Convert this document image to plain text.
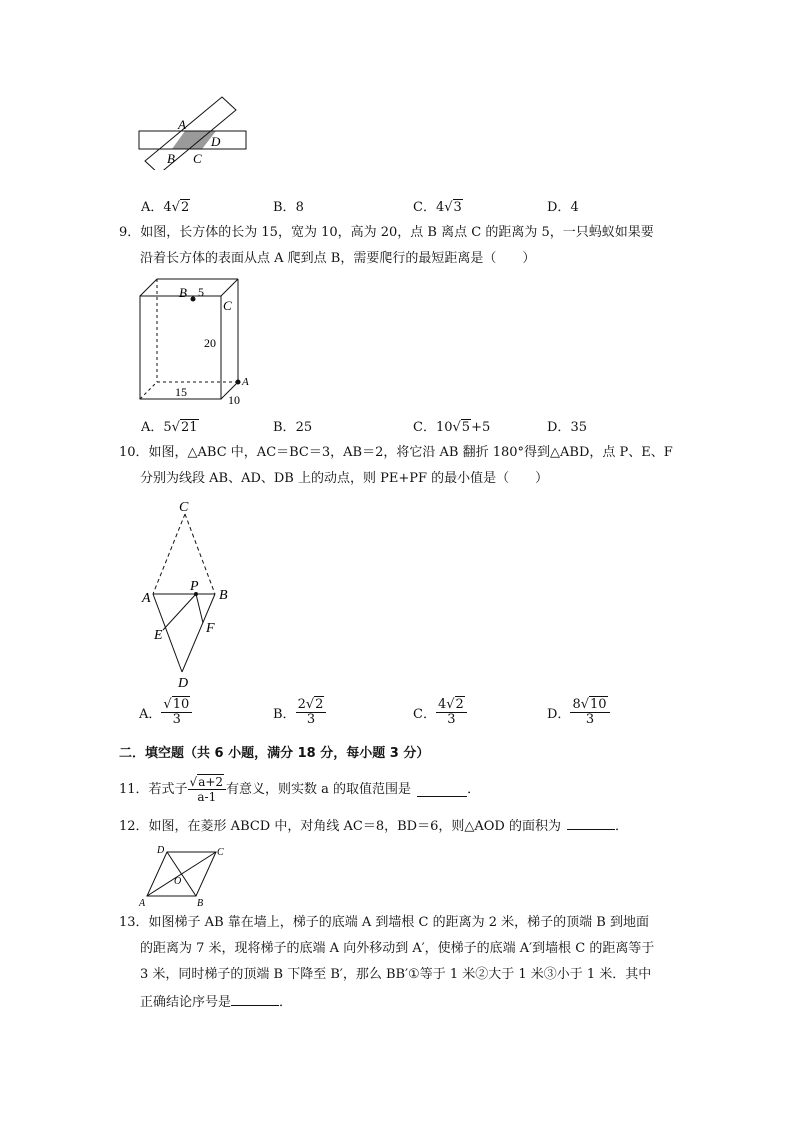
A
D
B C
A．4√2	B．8	C．4√3	D．4
9．如图，长方体的长为 15，宽为 10，高为 20，点 B 离点 C 的距离为 5，一只蚂蚁如果要
沿着长方体的表面从点 A 爬到点 B，需要爬行的最短距离是（　　）
B 5
C
20
A
15
10
A．5√21	B．25	C．10√5+5	D．35
10．如图，△ABC 中，AC＝BC＝3，AB＝2，将它沿 AB 翻折 180°得到△ABD，点 P、E、F
分别为线段 AB、AD、DB 上的动点，则 PE+PF 的最小值是（　　）
C
A
P
B
E	F
D
A． $\frac{√10}{3}$	B． $\frac{2√2}{3}$	C． $\frac{4√2}{3}$	D． $\frac{8√10}{3}$
二．填空题（共 6 小题，满分 18 分，每小题 3 分）
11．若式子 $\frac{√a+2}{a-1}$ 有意义，则实数 a 的取值范围是	．
12．如图，在菱形 ABCD 中，对角线 AC＝8，BD＝6，则△AOD 的面积为	．
D	C
O
A	B
13．如图梯子 AB 靠在墙上，梯子的底端 A 到墙根 C 的距离为 2 米，梯子的顶端 B 到地面
的距离为 7 米，现将梯子的底端 A 向外移动到 A′，使梯子的底端 A′到墙根 C 的距离等于
3 米，同时梯子的顶端 B 下降至 B′，那么 BB′①等于 1 米②大于 1 米③小于 1 米．其中
正确结论序号是	．
